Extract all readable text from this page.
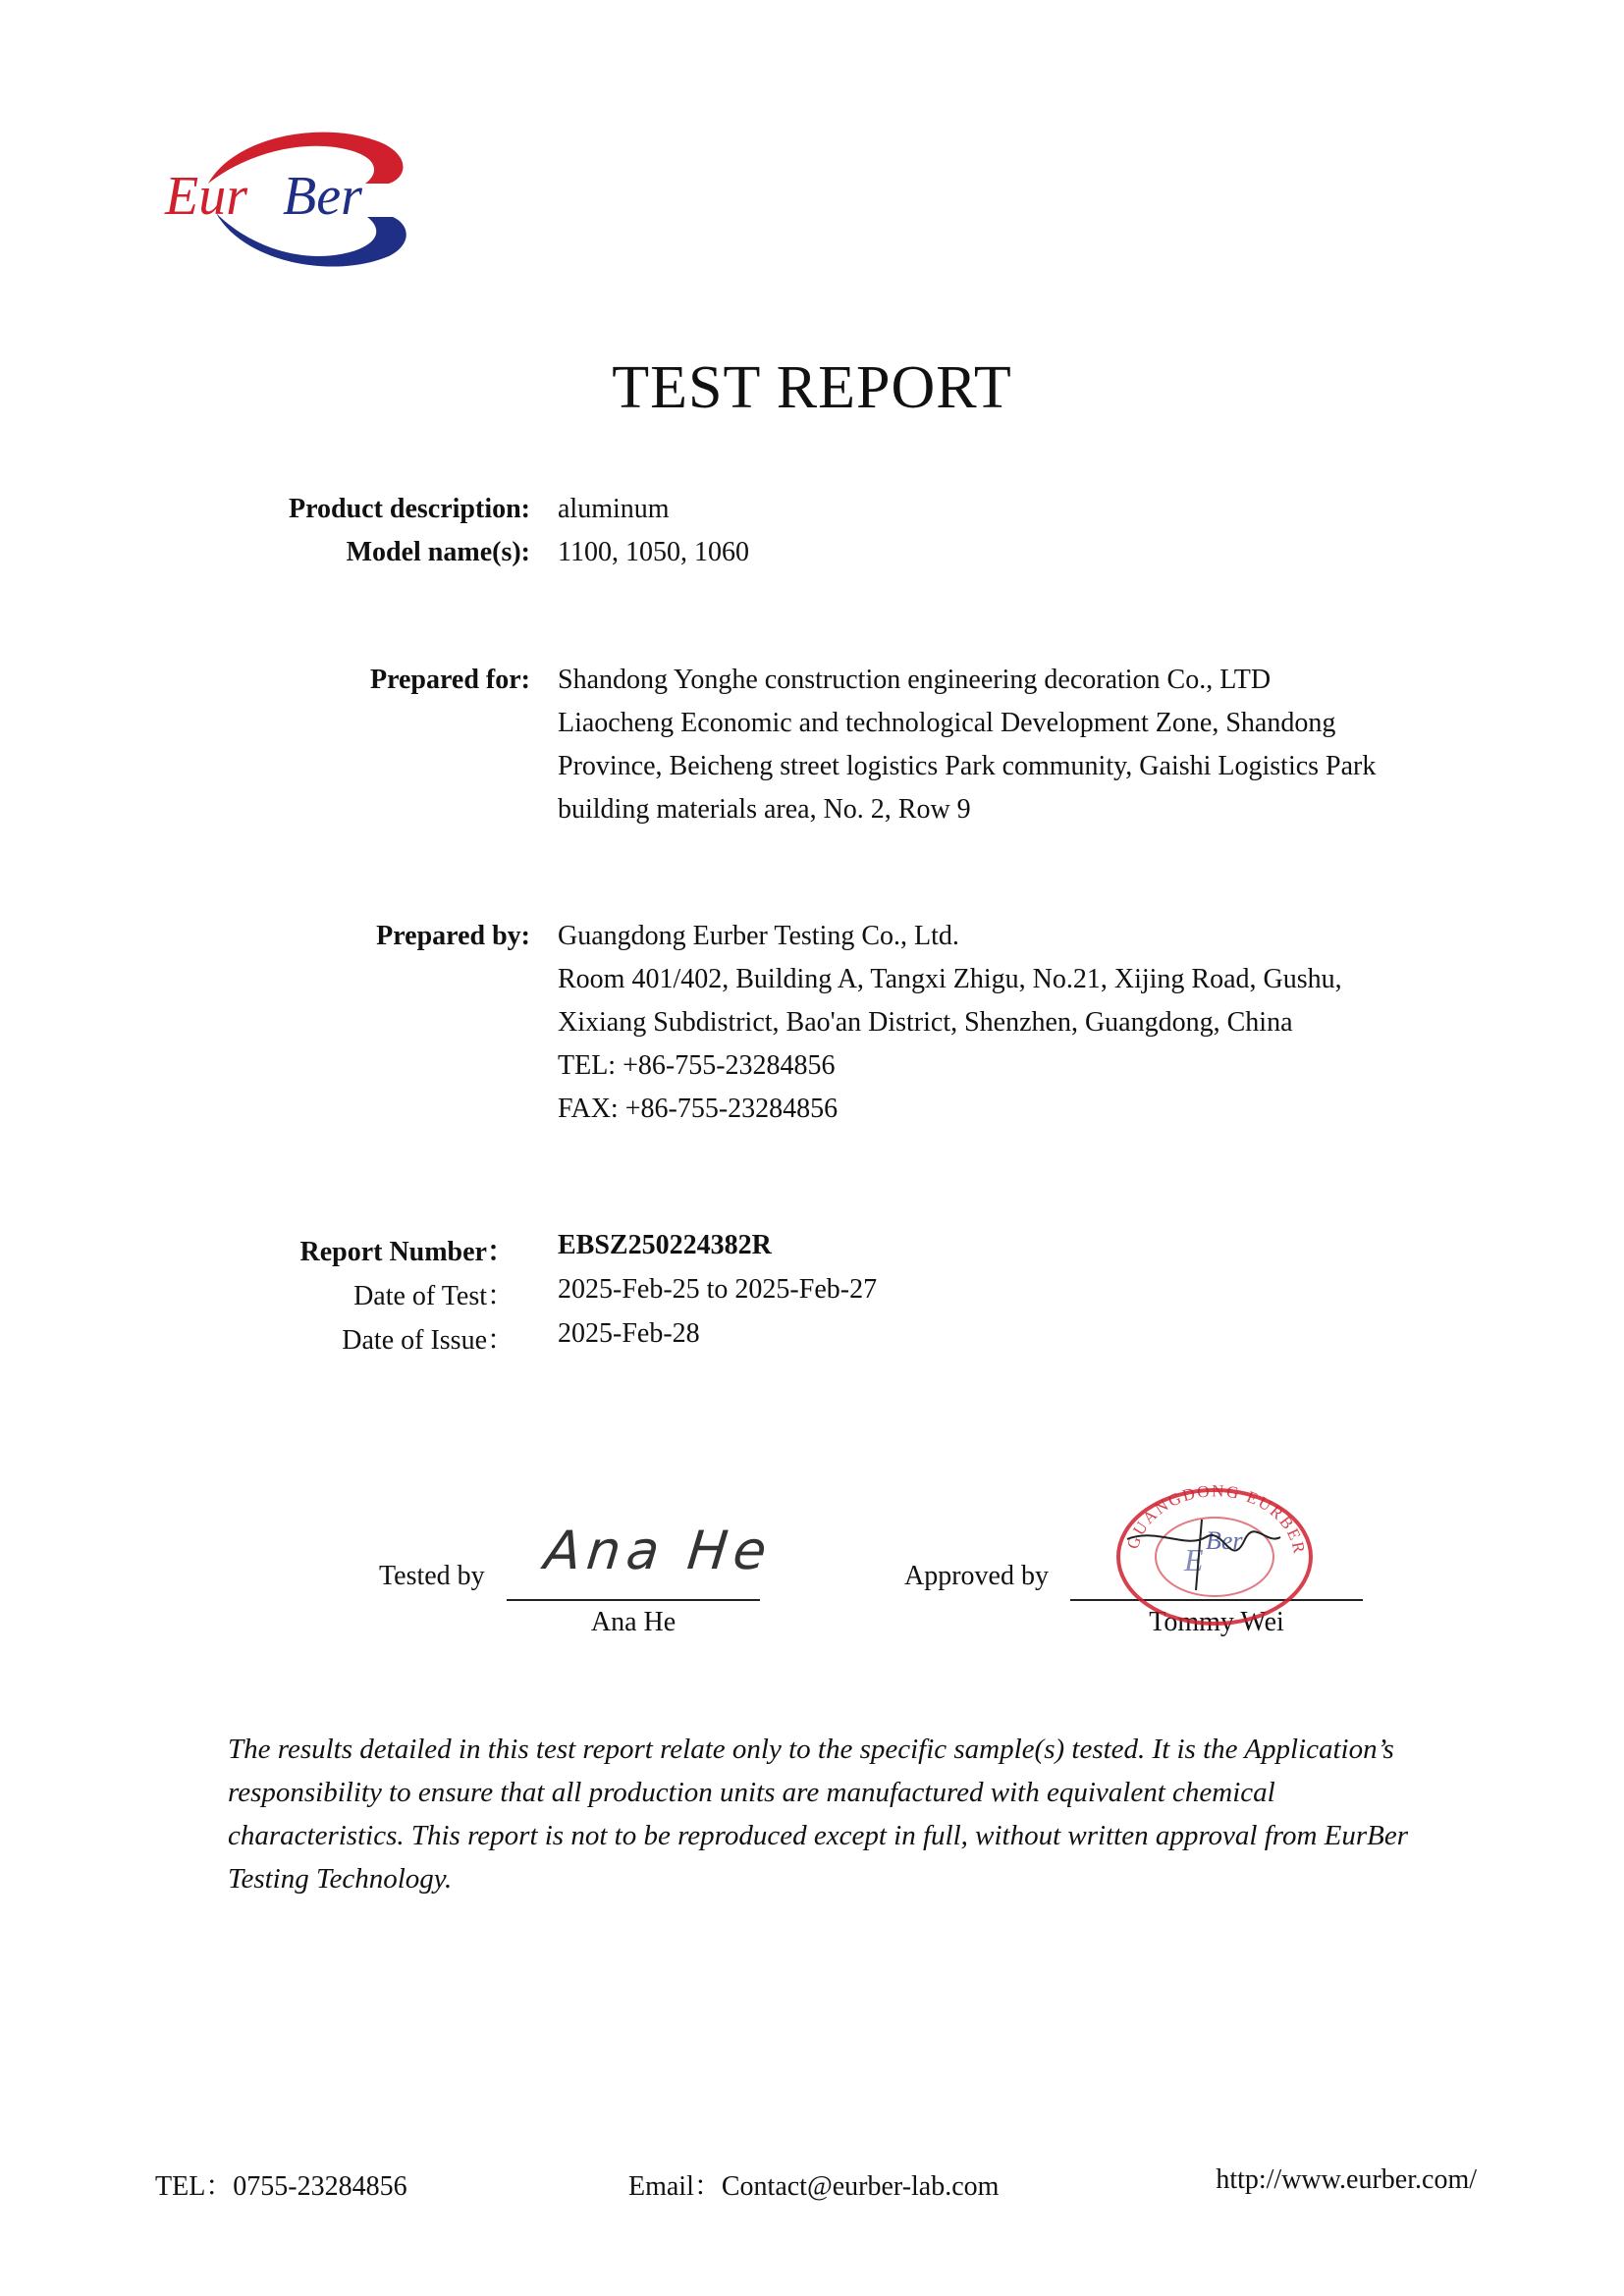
Eur Ber
TEST REPORT
Product description: aluminum
Model name(s): 1100, 1050, 1060
Prepared for: Shandong Yonghe construction engineering decoration Co., LTD
Liaocheng Economic and technological Development Zone, Shandong
Province, Beicheng street logistics Park community, Gaishi Logistics Park
building materials area, No. 2, Row 9
Prepared by: Guangdong Eurber Testing Co., Ltd.
Room 401/402, Building A, Tangxi Zhigu, No.21, Xijing Road, Gushu,
Xixiang Subdistrict, Bao'an District, Shenzhen, Guangdong, China
TEL: +86-755-23284856
FAX: +86-755-23284856
Report Number： EBSZ250224382R
Date of Test： 2025-Feb-25 to 2025-Feb-27
Date of Issue： 2025-Feb-28
Tested by Ana He
Ana He
Approved by
Tommy Wei
GUANGDONG EURBER
E
Ber
The results detailed in this test report relate only to the specific sample(s) tested. It is the Application’s responsibility to ensure that all production units are manufactured with equivalent chemical characteristics. This report is not to be reproduced except in full, without written approval from EurBer Testing Technology.
TEL：0755-23284856	Email：Contact@eurber-lab.com	http://www.eurber.com/
